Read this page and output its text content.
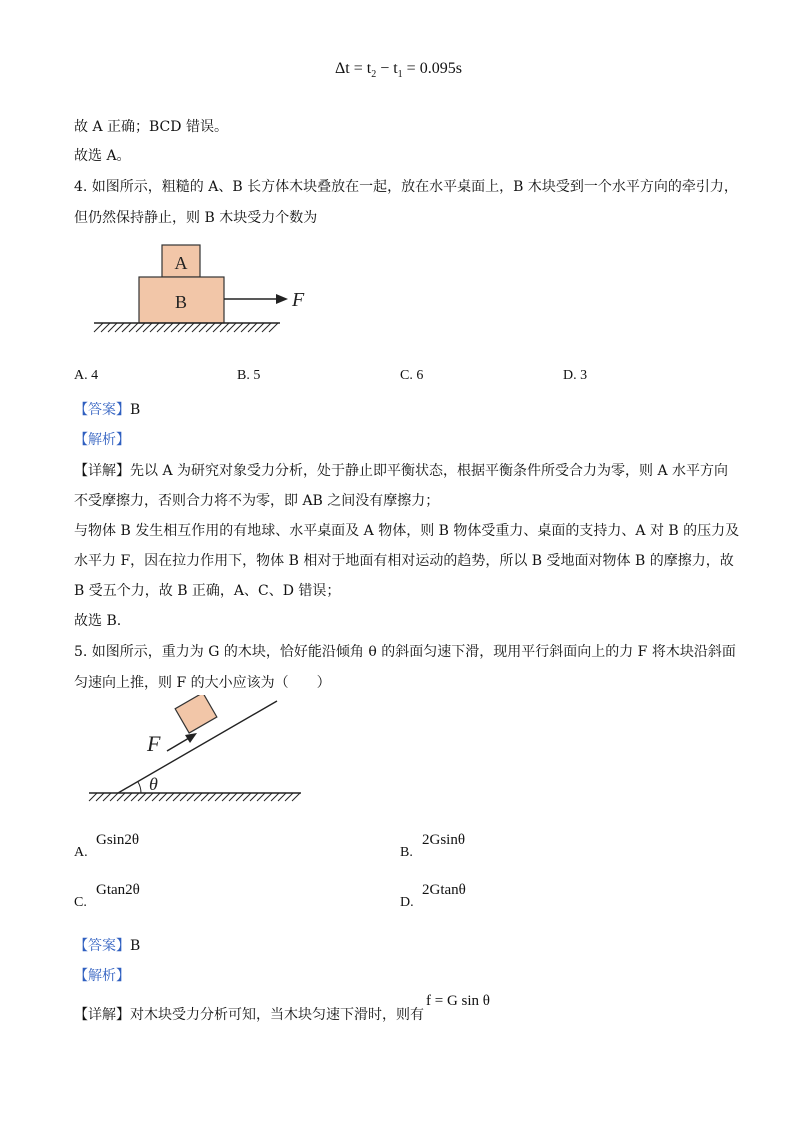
$\Delta t = t_2 - t_1 = 0.095s$
故 A 正确；BCD 错误。
故选 A。
4. 如图所示，粗糙的 A、B 长方体木块叠放在一起，放在水平桌面上，B 木块受到一个水平方向的牵引力，
但仍然保持静止，则 B 木块受力个数为
A
B	F
A. 4	B. 5	C. 6	D. 3
【答案】B
【解析】
【详解】先以 A 为研究对象受力分析，处于静止即平衡状态，根据平衡条件所受合力为零，则 A 水平方向
不受摩擦力，否则合力将不为零，即 AB 之间没有摩擦力；
与物体 B 发生相互作用的有地球、水平桌面及 A 物体，则 B 物体受重力、桌面的支持力、A 对 B 的压力及
水平力 F，因在拉力作用下，物体 B 相对于地面有相对运动的趋势，所以 B 受地面对物体 B 的摩擦力，故
B 受五个力，故 B 正确，A、C、D 错误；
故选 B.
5. 如图所示，重力为 G 的木块，恰好能沿倾角 θ 的斜面匀速下滑，现用平行斜面向上的力 F 将木块沿斜面
匀速向上推，则 F 的大小应该为（　　）
F
θ
A.
Gsin2θ
B.
2Gsinθ
C.
Gtan2θ
D.
2Gtanθ
【答案】B
【解析】
【详解】对木块受力分析可知，当木块匀速下滑时，则有
f = G sin θ
